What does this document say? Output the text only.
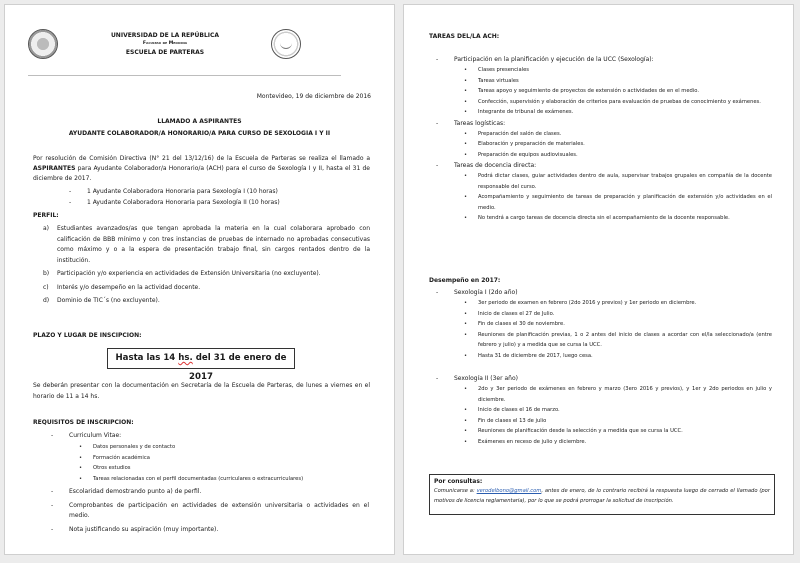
UNIVERSIDAD DE LA REPÚBLICA
Facultad de Medicina
ESCUELA DE PARTERAS
Montevideo, 19 de diciembre de 2016
LLAMADO A ASPIRANTES
AYUDANTE COLABORADOR/A HONORARIO/A PARA CURSO DE SEXOLOGIA I Y II

Por resolución de Comisión Directiva (N° 21 del 13/12/16) de la Escuela de Parteras se realiza el llamado a ASPIRANTES para Ayudante Colaborador/a Honorario/a (ACH) para el curso de Sexología I y II, hasta el 31 de diciembre de 2017.

-	1 Ayudante Colaboradora Honoraria para Sexología I (10 horas)
-	1 Ayudante Colaboradora Honoraria para Sexología II (10 horas)
PERFIL:
a) Estudiantes avanzados/as que tengan aprobada la materia en la cual colaborara aprobado con calificación de BBB mínimo y con tres instancias de pruebas de internado no aprobadas consecutivas como máximo y o a la espera de presentación trabajo final, sin cargos rentados dentro de la institución.
b) Participación y/o experiencia en actividades de Extensión Universitaria (no excluyente).
c) Interés y/o desempeño en la actividad docente.
d) Dominio de TIC´s (no excluyente).
PLAZO Y LUGAR DE INSCIPCION:
Hasta las 14 hs. del 31 de enero de 2017

Se deberán presentar con la documentación en Secretaría de la Escuela de Parteras, de lunes a viernes en el horario de 11 a 14 hs.

REQUISITOS DE INSCRIPCION:
-	Curriculum Vitae:
• Datos personales y de contacto
• Formación académica
• Otros estudios
• Tareas relacionadas con el perfil documentadas (curriculares o extracurriculares)
-	Escolaridad demostrando punto a) de perfil.
-	Comprobantes de participación en actividades de extensión universitaria o actividades en el medio.
-	Nota justificando su aspiración (muy importante).
TAREAS DEL/LA ACH:
-	Participación en la planificación y ejecución de la UCC (Sexología):
• Clases presenciales
• Tareas virtuales
• Tareas apoyo y seguimiento de proyectos de extensión o actividades de en el medio.
• Confección, supervisión y elaboración de criterios para evaluación de pruebas de conocimiento y exámenes.
• Integrante de tribunal de exámenes.
-	Tareas logísticas:
• Preparación del salón de clases.
• Elaboración y preparación de materiales.
• Preparación de equipos audiovisuales.
-	Tareas de docencia directa:
• Podrá dictar clases, guiar actividades dentro de aula, supervisar trabajos grupales en compañía de la docente responsable del curso.
• Acompañamiento y seguimiento de tareas de preparación y planificación de extensión y/o actividades en el medio.
• No tendrá a cargo tareas de docencia directa sin el acompañamiento de la docente responsable.
Desempeño en 2017:
-	Sexología I (2do año)
• 3er periodo de examen en febrero (2do 2016 y previos) y 1er periodo en diciembre.
• Inicio de clases el 27 de Julio.
• Fin de clases el 30 de noviembre.
• Reuniones de planificación previas, 1 o 2 antes del inicio de clases a acordar con el/la seleccionado/a (entre febrero y julio) y a medida que se cursa la UCC.
• Hasta 31 de diciembre de 2017, luego cesa.
-	Sexología II (3er año)
• 2do y 3er periodo de exámenes en febrero y marzo (3ero 2016 y previos), y 1er y 2do periodos en julio y diciembre.
• Inicio de clases el 16 de marzo.
• Fin de clases el 13 de julio
• Reuniones de planificación desde la selección y a medida que se cursa la UCC.
• Exámenes en receso de julio y diciembre.
Por consultas:
Comunicarse a: verodelbono@gmail.com, antes de enero, de lo contrario recibirá la respuesta luego de cerrado el llamado (por motivos de licencia reglamentaria), por lo que se podrá prorrogar la solicitud de inscripción.
